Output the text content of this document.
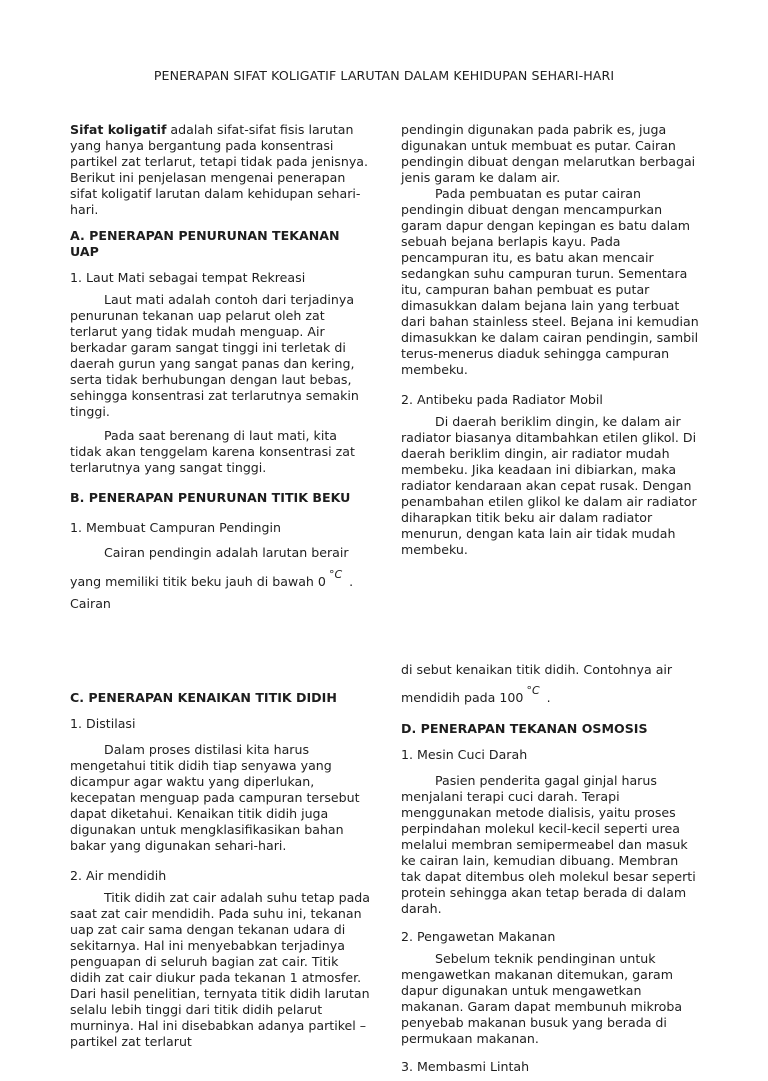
PENERAPAN SIFAT KOLIGATIF LARUTAN DALAM KEHIDUPAN SEHARI-HARI

Sifat koligatif adalah sifat-sifat fisis larutan yang hanya bergantung pada konsentrasi partikel zat terlarut, tetapi tidak pada jenisnya. Berikut ini penjelasan mengenai penerapan sifat koligatif larutan dalam kehidupan sehari-hari.

A. PENERAPAN PENURUNAN TEKANAN UAP

1. Laut Mati sebagai tempat Rekreasi

Laut mati adalah contoh dari terjadinya penurunan tekanan uap pelarut oleh zat terlarut yang tidak mudah menguap. Air berkadar garam sangat tinggi ini terletak di daerah gurun yang sangat panas dan kering, serta tidak berhubungan dengan laut bebas, sehingga konsentrasi zat terlarutnya semakin tinggi.

Pada saat berenang di laut mati, kita tidak akan tenggelam karena konsentrasi zat terlarutnya yang sangat tinggi.

B. PENERAPAN PENURUNAN TITIK BEKU

1. Membuat Campuran Pendingin

Cairan pendingin adalah larutan berair yang memiliki titik beku jauh di bawah 0 °C . Cairan

pendingin digunakan pada pabrik es, juga digunakan untuk membuat es putar. Cairan pendingin dibuat dengan melarutkan berbagai jenis garam ke dalam air.

Pada pembuatan es putar cairan pendingin dibuat dengan mencampurkan garam dapur dengan kepingan es batu dalam sebuah bejana berlapis kayu. Pada pencampuran itu, es batu akan mencair sedangkan suhu campuran turun. Sementara itu, campuran bahan pembuat es putar dimasukkan dalam bejana lain yang terbuat dari bahan stainless steel. Bejana ini kemudian dimasukkan ke dalam cairan pendingin, sambil terus-menerus diaduk sehingga campuran membeku.

2. Antibeku pada Radiator Mobil

Di daerah beriklim dingin, ke dalam air radiator biasanya ditambahkan etilen glikol. Di daerah beriklim dingin, air radiator mudah membeku. Jika keadaan ini dibiarkan, maka radiator kendaraan akan cepat rusak. Dengan penambahan etilen glikol ke dalam air radiator diharapkan titik beku air dalam radiator menurun, dengan kata lain air tidak mudah membeku.

C. PENERAPAN KENAIKAN TITIK DIDIH

1. Distilasi

Dalam proses distilasi kita harus mengetahui titik didih tiap senyawa yang dicampur agar waktu yang diperlukan, kecepatan menguap pada campuran tersebut dapat diketahui. Kenaikan titik didih juga digunakan untuk mengklasifikasikan bahan bakar yang digunakan sehari-hari.

2. Air mendidih

Titik didih zat cair adalah suhu tetap pada saat zat cair mendidih. Pada suhu ini, tekanan uap zat cair sama dengan tekanan udara di sekitarnya. Hal ini menyebabkan terjadinya penguapan di seluruh bagian zat cair. Titik didih zat cair diukur pada tekanan 1 atmosfer. Dari hasil penelitian, ternyata titik didih larutan selalu lebih tinggi dari titik didih pelarut murninya. Hal ini disebabkan adanya partikel – partikel zat terlarut

di sebut kenaikan titik didih. Contohnya air

mendidih pada 100 °C .

D. PENERAPAN TEKANAN OSMOSIS

1. Mesin Cuci Darah

Pasien penderita gagal ginjal harus menjalani terapi cuci darah. Terapi menggunakan metode dialisis, yaitu proses perpindahan molekul kecil-kecil seperti urea melalui membran semipermeabel dan masuk ke cairan lain, kemudian dibuang. Membran tak dapat ditembus oleh molekul besar seperti protein sehingga akan tetap berada di dalam darah.

2. Pengawetan Makanan

Sebelum teknik pendinginan untuk mengawetkan makanan ditemukan, garam dapur digunakan untuk mengawetkan makanan. Garam dapat membunuh mikroba penyebab makanan busuk yang berada di permukaan makanan.

3. Membasmi Lintah
